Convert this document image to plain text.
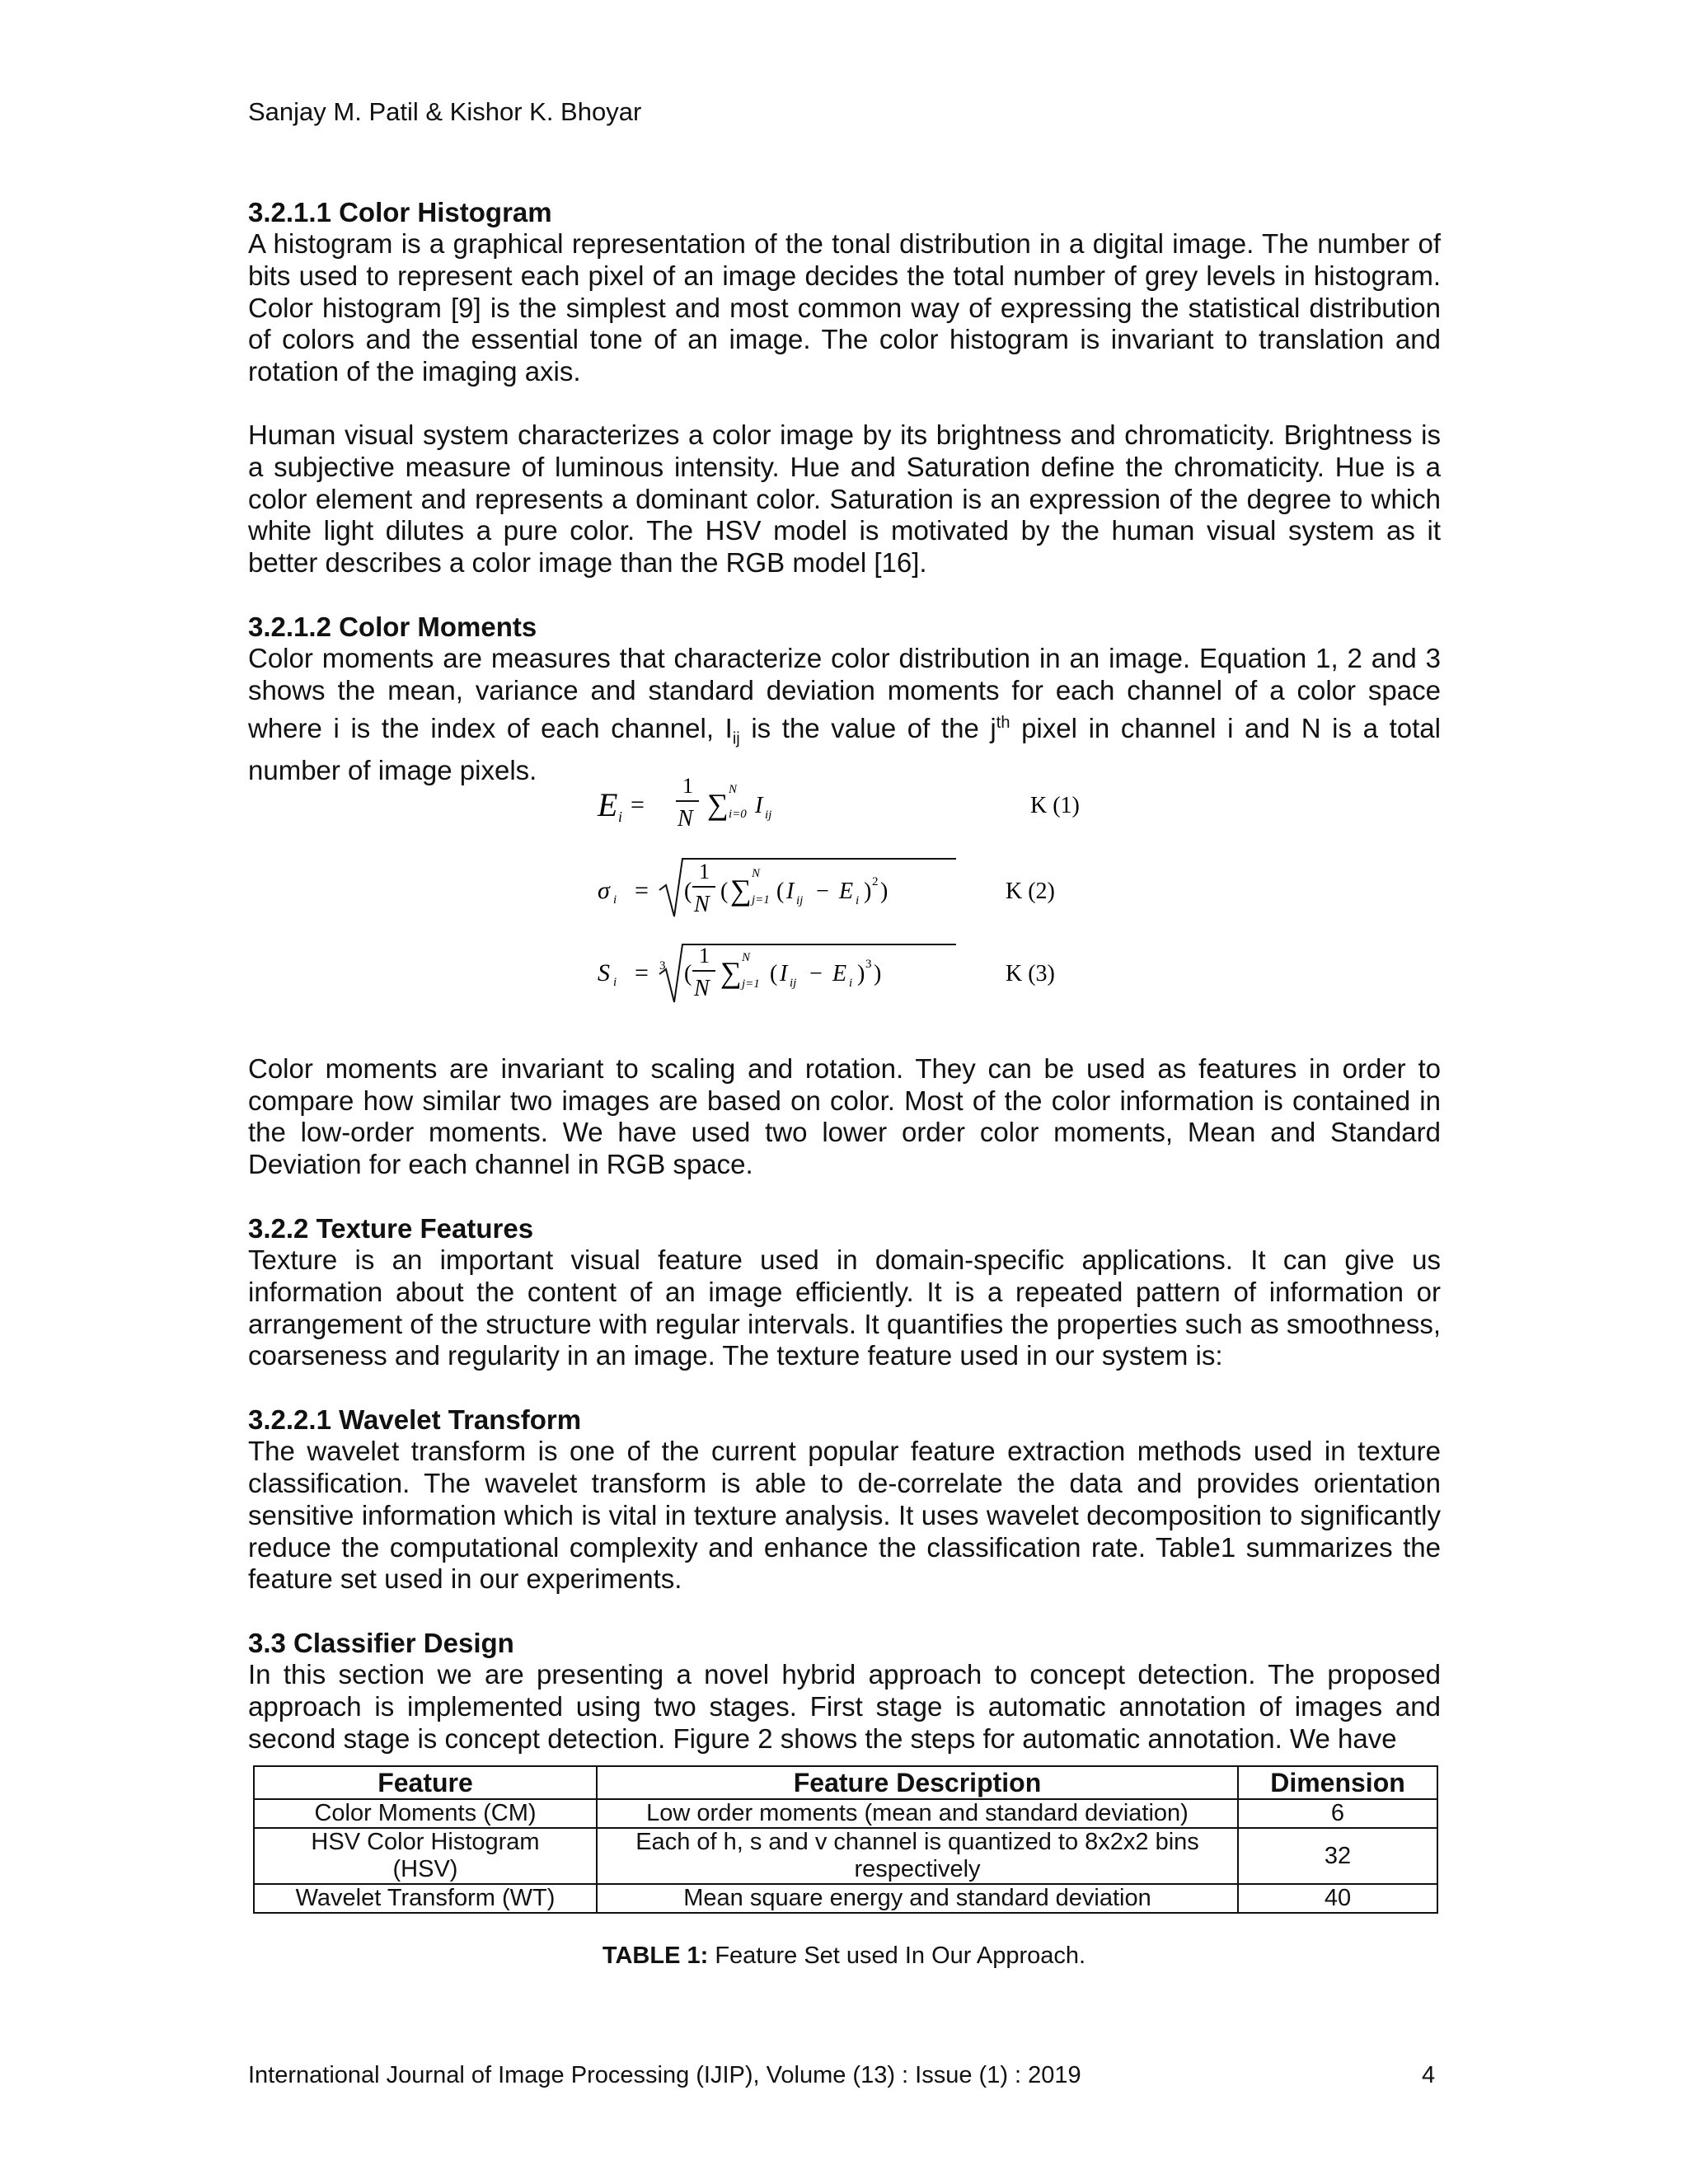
Sanjay M. Patil & Kishor K. Bhoyar
3.2.1.1 Color Histogram

A histogram is a graphical representation of the tonal distribution in a digital image. The number of bits used to represent each pixel of an image decides the total number of grey levels in histogram. Color histogram [9] is the simplest and most common way of expressing the statistical distribution of colors and the essential tone of an image. The color histogram is invariant to translation and rotation of the imaging axis.

Human visual system characterizes a color image by its brightness and chromaticity. Brightness is a subjective measure of luminous intensity. Hue and Saturation define the chromaticity. Hue is a color element and represents a dominant color. Saturation is an expression of the degree to which white light dilutes a pure color. The HSV model is motivated by the human visual system as it better describes a color image than the RGB model [16].

3.2.1.2 Color Moments

Color moments are measures that characterize color distribution in an image. Equation 1, 2 and 3 shows the mean, variance and standard deviation moments for each channel of a color space where i is the index of each channel, $I_{ij}$ is the value of the $j^{th}$ pixel in channel i and N is a total number of image pixels.

Color moments are invariant to scaling and rotation. They can be used as features in order to compare how similar two images are based on color. Most of the color information is contained in the low-order moments. We have used two lower order color moments, Mean and Standard Deviation for each channel in RGB space.

3.2.2 Texture Features

Texture is an important visual feature used in domain-specific applications. It can give us information about the content of an image efficiently. It is a repeated pattern of information or arrangement of the structure with regular intervals. It quantifies the properties such as smoothness, coarseness and regularity in an image. The texture feature used in our system is:

3.2.2.1 Wavelet Transform

The wavelet transform is one of the current popular feature extraction methods used in texture classification. The wavelet transform is able to de-correlate the data and provides orientation sensitive information which is vital in texture analysis. It uses wavelet decomposition to significantly reduce the computational complexity and enhance the classification rate. Table1 summarizes the feature set used in our experiments.

3.3 Classifier Design

In this section we are presenting a novel hybrid approach to concept detection. The proposed approach is implemented using two stages. First stage is automatic annotation of images and second stage is concept detection. Figure 2 shows the steps for automatic annotation. We have

E i =
1
N ∑ N
i=0 I ij	K (1)
σ i = (
1
N
( ∑ N
j=1 ( I ij − E i ) 2 )	K (2)
S i = 3 (
1
N ∑ N
j=1 ( I ij − E i ) 3 )	K (3)
Feature	Feature Description	Dimension
Color Moments (CM)	Low order moments (mean and standard deviation)	6
HSV Color Histogram (HSV)	Each of h, s and v channel is quantized to 8x2x2 bins respectively	32
Wavelet Transform (WT)	Mean square energy and standard deviation	40
TABLE 1: Feature Set used In Our Approach.
International Journal of Image Processing (IJIP), Volume (13) : Issue (1) : 2019	4
